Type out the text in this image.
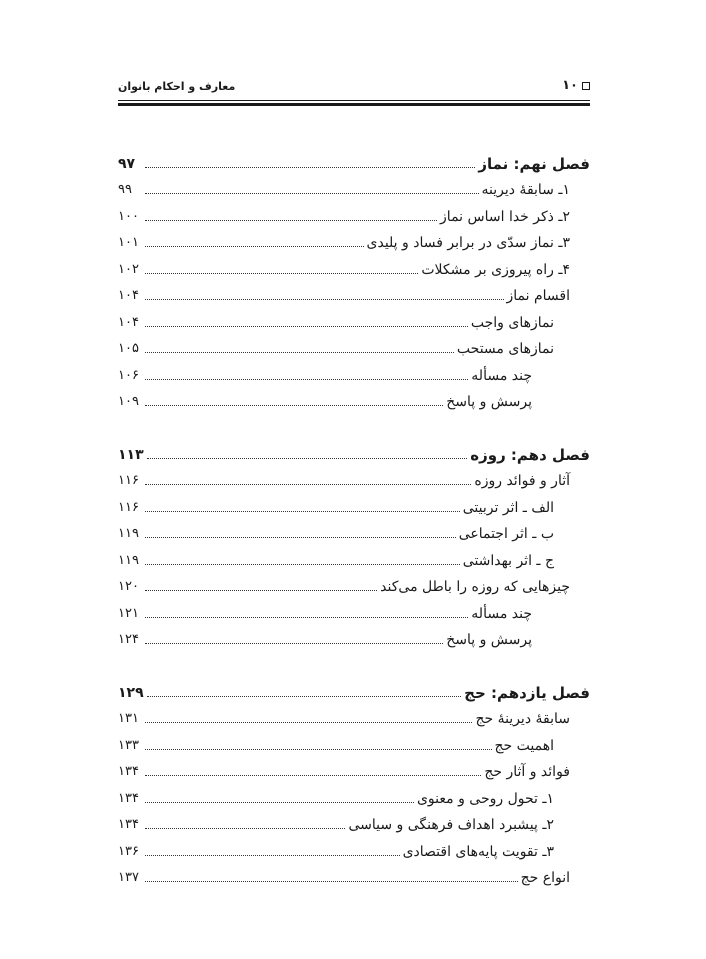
معارف و احکام بانوان	۱۰
فصل نهم: نماز
۹۷
۱ـ سابقهٔ دیرینه
۹۹
۲ـ ذکر خدا اساس نماز
۱۰۰
۳ـ نماز سدّی در برابر فساد و پلیدی
۱۰۱
۴ـ راه پیروزی بر مشکلات
۱۰۲
اقسام نماز
۱۰۴
نمازهای واجب
۱۰۴
نمازهای مستحب
۱۰۵
چند مسأله
۱۰۶
پرسش و پاسخ
۱۰۹
فصل دهم: روزه
۱۱۳
آثار و فوائد روزه
۱۱۶
الف ـ اثر تربیتی
۱۱۶
ب ـ اثر اجتماعی
۱۱۹
ج ـ اثر بهداشتی
۱۱۹
چیزهایی که روزه را باطل می‌کند
۱۲۰
چند مسأله
۱۲۱
پرسش و پاسخ
۱۲۴
فصل یازدهم: حج
۱۲۹
سابقهٔ دیرینهٔ حج
۱۳۱
اهمیت حج
۱۳۳
فوائد و آثار حج
۱۳۴
۱ـ تحول روحی و معنوی
۱۳۴
۲ـ پیشبرد اهداف فرهنگی و سیاسی
۱۳۴
۳ـ تقویت پایه‌های اقتصادی
۱۳۶
انواع حج
۱۳۷
